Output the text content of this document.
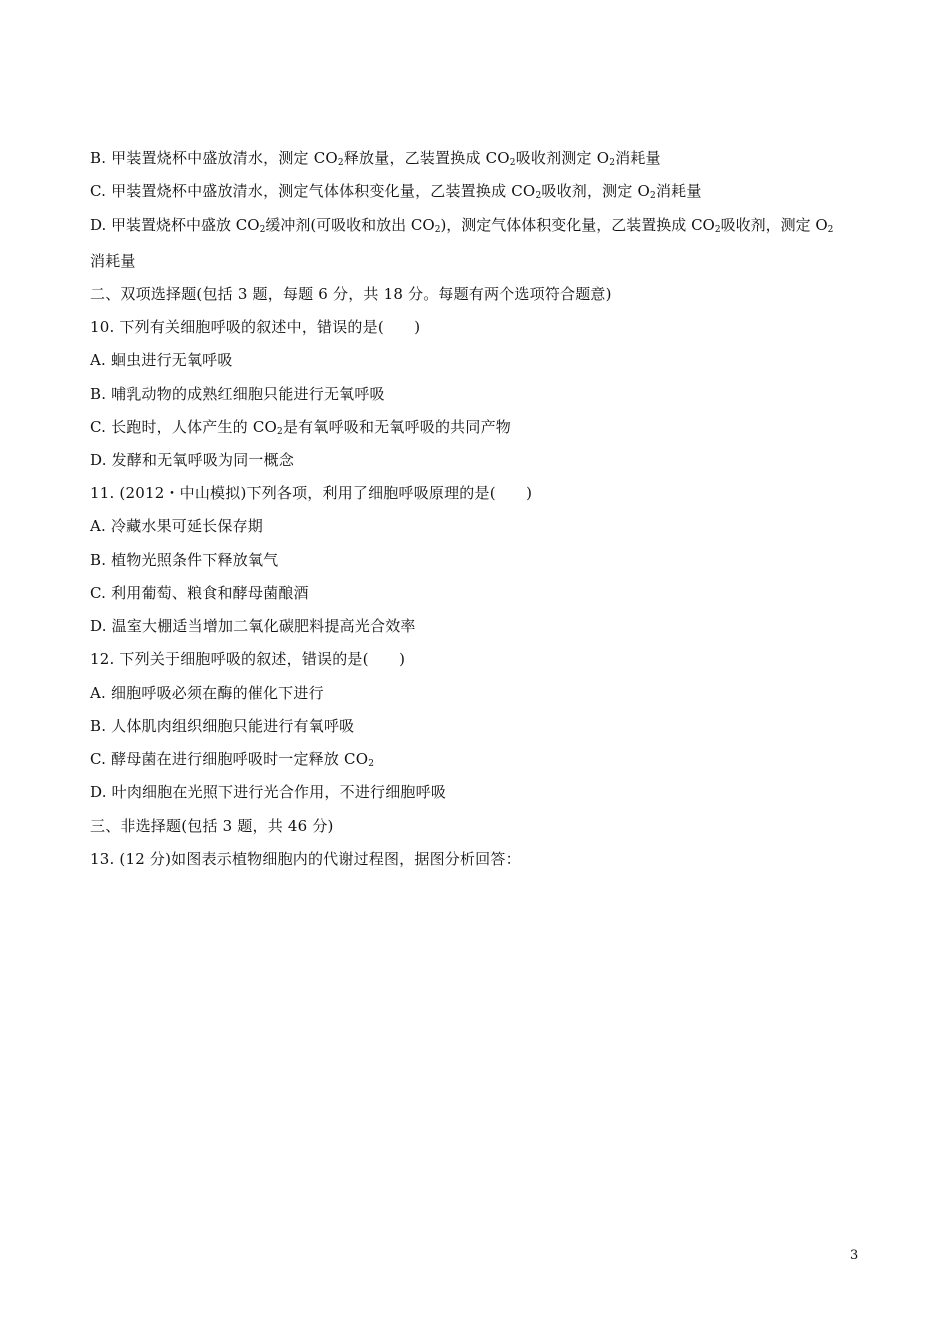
B. 甲装置烧杯中盛放清水，测定 $CO_2$释放量，乙装置换成 $CO_2$吸收剂测定 $O_2$消耗量
C. 甲装置烧杯中盛放清水，测定气体体积变化量，乙装置换成 $CO_2$吸收剂，测定 $O_2$消耗量
D. 甲装置烧杯中盛放 $CO_2$缓冲剂(可吸收和放出 $CO_2$)，测定气体体积变化量，乙装置换成 $CO_2$吸收剂，测定 $O_2$
消耗量
二、双项选择题(包括 3 题，每题 6 分，共 18 分。每题有两个选项符合题意)
10. 下列有关细胞呼吸的叙述中，错误的是(　　)
A. 蛔虫进行无氧呼吸
B. 哺乳动物的成熟红细胞只能进行无氧呼吸
C. 长跑时，人体产生的 $CO_2$是有氧呼吸和无氧呼吸的共同产物
D. 发酵和无氧呼吸为同一概念
11. (2012・中山模拟)下列各项，利用了细胞呼吸原理的是(　　)
A. 冷藏水果可延长保存期
B. 植物光照条件下释放氧气
C. 利用葡萄、粮食和酵母菌酿酒
D. 温室大棚适当增加二氧化碳肥料提高光合效率
12. 下列关于细胞呼吸的叙述，错误的是(　　)
A. 细胞呼吸必须在酶的催化下进行
B. 人体肌肉组织细胞只能进行有氧呼吸
C. 酵母菌在进行细胞呼吸时一定释放 $CO_2$
D. 叶肉细胞在光照下进行光合作用，不进行细胞呼吸
三、非选择题(包括 3 题，共 46 分)
13. (12 分)如图表示植物细胞内的代谢过程图，据图分析回答：
3
